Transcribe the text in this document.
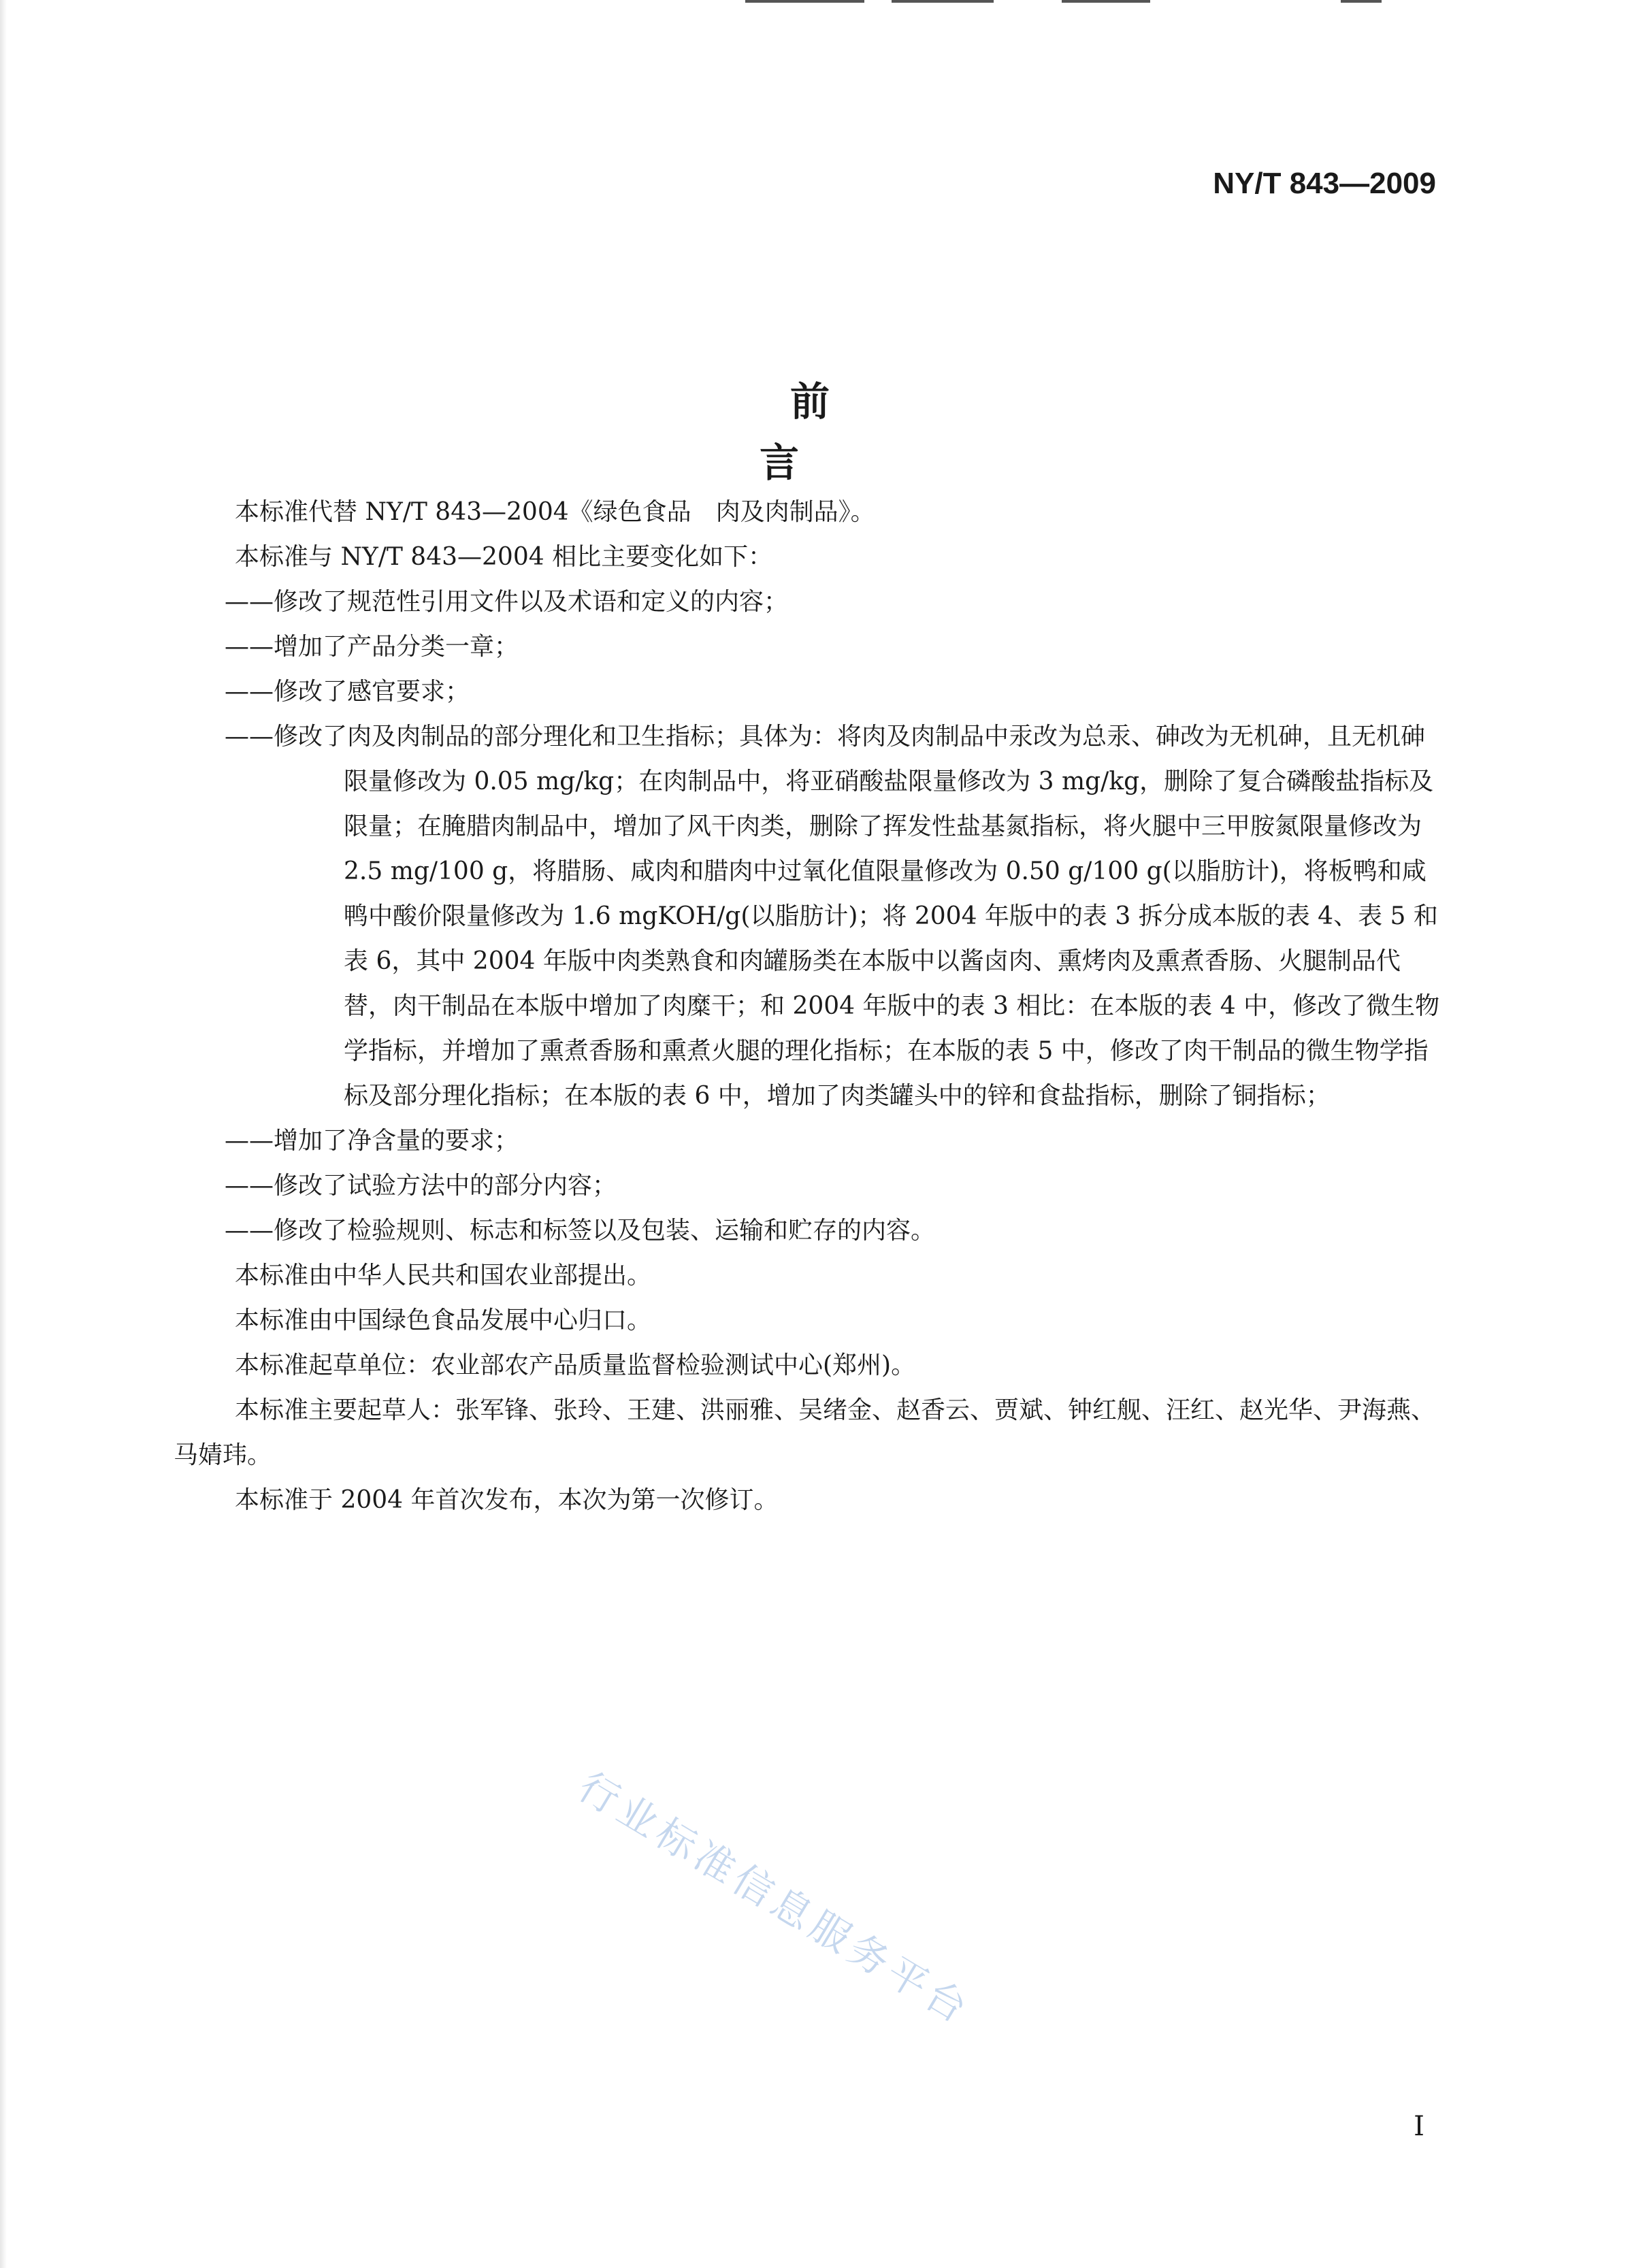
NY/T 843—2009
前　言
本标准代替 NY/T 843—2004《绿色食品　肉及肉制品》。
本标准与 NY/T 843—2004 相比主要变化如下：
——修改了规范性引用文件以及术语和定义的内容；
——增加了产品分类一章；
——修改了感官要求；
——修改了肉及肉制品的部分理化和卫生指标；具体为：将肉及肉制品中汞改为总汞、砷改为无机砷，且无机砷限量修改为 0.05 mg/kg；在肉制品中，将亚硝酸盐限量修改为 3 mg/kg，删除了复合磷酸盐指标及限量；在腌腊肉制品中，增加了风干肉类，删除了挥发性盐基氮指标，将火腿中三甲胺氮限量修改为 2.5 mg/100 g，将腊肠、咸肉和腊肉中过氧化值限量修改为 0.50 g/100 g(以脂肪计)，将板鸭和咸鸭中酸价限量修改为 1.6 mgKOH/g(以脂肪计)；将 2004 年版中的表 3 拆分成本版的表 4、表 5 和表 6，其中 2004 年版中肉类熟食和肉罐肠类在本版中以酱卤肉、熏烤肉及熏煮香肠、火腿制品代替，肉干制品在本版中增加了肉糜干；和 2004 年版中的表 3 相比：在本版的表 4 中，修改了微生物学指标，并增加了熏煮香肠和熏煮火腿的理化指标；在本版的表 5 中，修改了肉干制品的微生物学指标及部分理化指标；在本版的表 6 中，增加了肉类罐头中的锌和食盐指标，删除了铜指标；
——增加了净含量的要求；
——修改了试验方法中的部分内容；
——修改了检验规则、标志和标签以及包装、运输和贮存的内容。
本标准由中华人民共和国农业部提出。
本标准由中国绿色食品发展中心归口。
本标准起草单位：农业部农产品质量监督检验测试中心(郑州)。
本标准主要起草人：张军锋、张玲、王建、洪丽雅、吴绪金、赵香云、贾斌、钟红舰、汪红、赵光华、尹海燕、马婧玮。
本标准于 2004 年首次发布，本次为第一次修订。
行业标准信息服务平台
I
